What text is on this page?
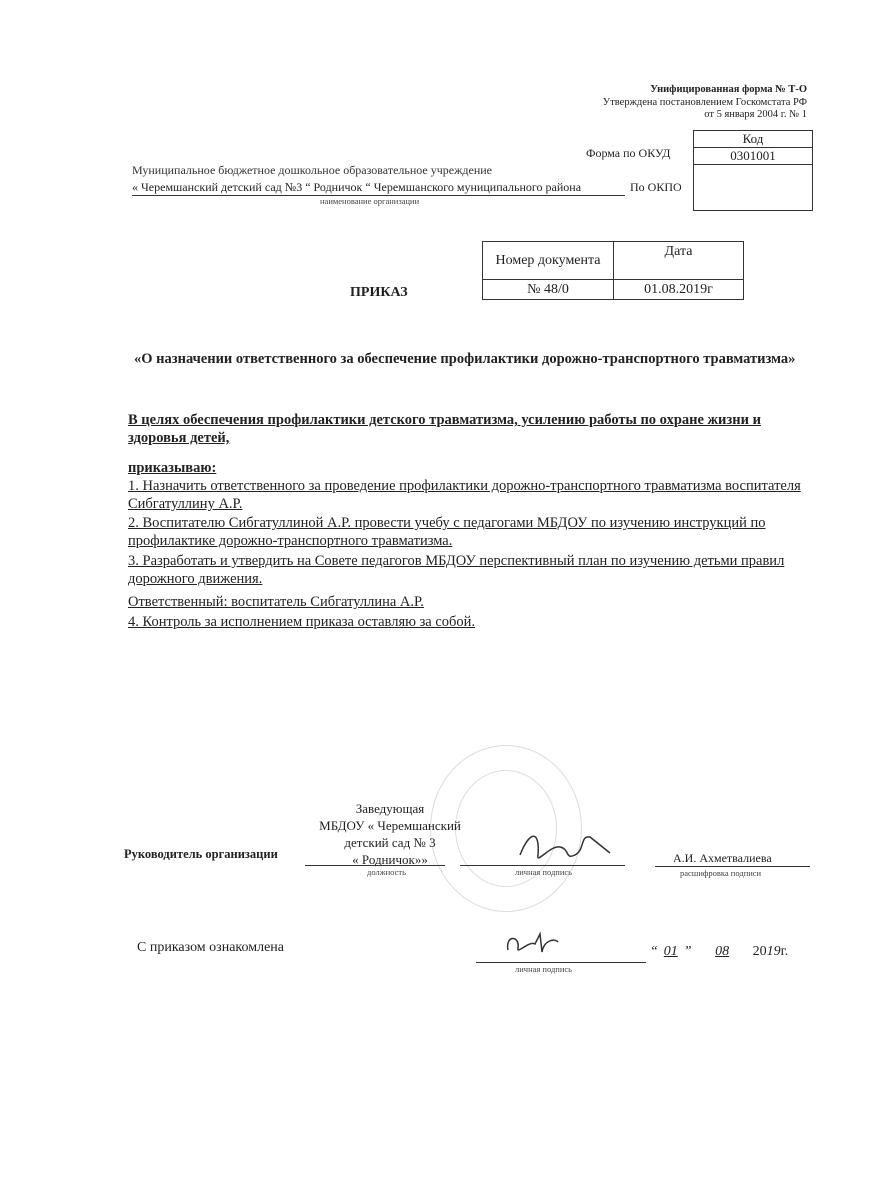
Унифицированная форма № Т-О
Утверждена постановлением Госкомстата РФ
от 5 января 2004 г. № 1
Код
0301001
Форма по ОКУД
По ОКПО
Муниципальное бюджетное дошкольное образовательное учреждение
« Черемшанский детский сад №3 “ Родничок “ Черемшанского муниципального района
наименование организации
ПРИКАЗ
Номер документа	Дата
№ 48/0	01.08.2019г
«О назначении ответственного за обеспечение профилактики дорожно-транспортного травматизма»
В целях обеспечения профилактики детского травматизма, усилению работы по охране жизни и здоровья детей,
приказываю:
1. Назначить ответственного за проведение профилактики дорожно-транспортного травматизма воспитателя Сибгатуллину А.Р.
2. Воспитателю Сибгатуллиной А.Р. провести учебу с педагогами МБДОУ по изучению инструкций по профилактике дорожно-транспортного травматизма.
3. Разработать и утвердить на Совете педагогов МБДОУ перспективный план по изучению детьми правил дорожного движения.
Ответственный: воспитатель Сибгатуллина А.Р.
4. Контроль за исполнением приказа оставляю за собой.
Заведующая
МБДОУ « Черемшанский
детский сад № 3
« Родничок»»
Руководитель организации
должность	личная подпись
А.И. Ахметвалиева
расшифровка подписи
С приказом ознакомлена
личная подпись
“ 01 ” 08 2019г.
